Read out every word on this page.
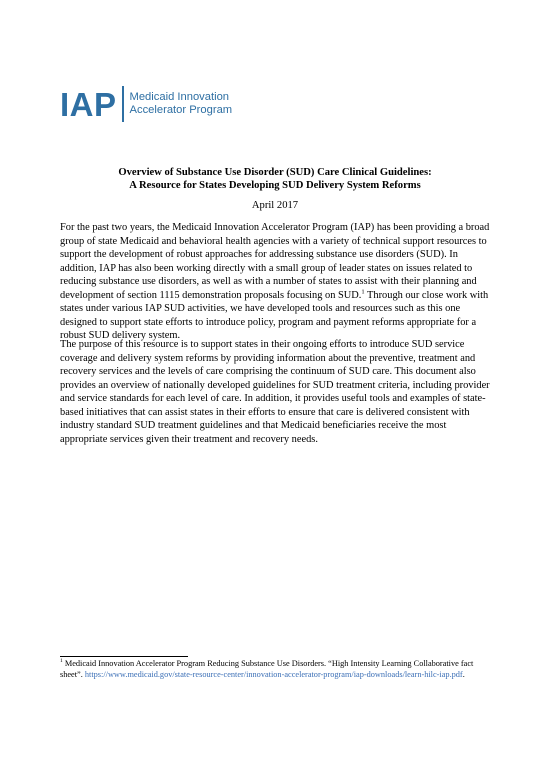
IAP Medicaid Innovation
Accelerator Program
Overview of Substance Use Disorder (SUD) Care Clinical Guidelines:
A Resource for States Developing SUD Delivery System Reforms
April 2017

For the past two years, the Medicaid Innovation Accelerator Program (IAP) has been providing a broad group of state Medicaid and behavioral health agencies with a variety of technical support resources to support the development of robust approaches for addressing substance use disorders (SUD). In addition, IAP has also been working directly with a small group of leader states on issues related to reducing substance use disorders, as well as with a number of states to assist with their planning and development of section 1115 demonstration proposals focusing on SUD.$^1$ Through our close work with states under various IAP SUD activities, we have developed tools and resources such as this one designed to support state efforts to introduce policy, program and payment reforms appropriate for a robust SUD delivery system.

The purpose of this resource is to support states in their ongoing efforts to introduce SUD service coverage and delivery system reforms by providing information about the preventive, treatment and recovery services and the levels of care comprising the continuum of SUD care. This document also provides an overview of nationally developed guidelines for SUD treatment criteria, including provider and service standards for each level of care. In addition, it provides useful tools and examples of state-based initiatives that can assist states in their efforts to ensure that care is delivered consistent with industry standard SUD treatment guidelines and that Medicaid beneficiaries receive the most appropriate services given their treatment and recovery needs.

$^1$ Medicaid Innovation Accelerator Program Reducing Substance Use Disorders. “High Intensity Learning Collaborative fact sheet”. https://www.medicaid.gov/state-resource-center/innovation-accelerator-program/iap-downloads/learn-hilc-iap.pdf.
